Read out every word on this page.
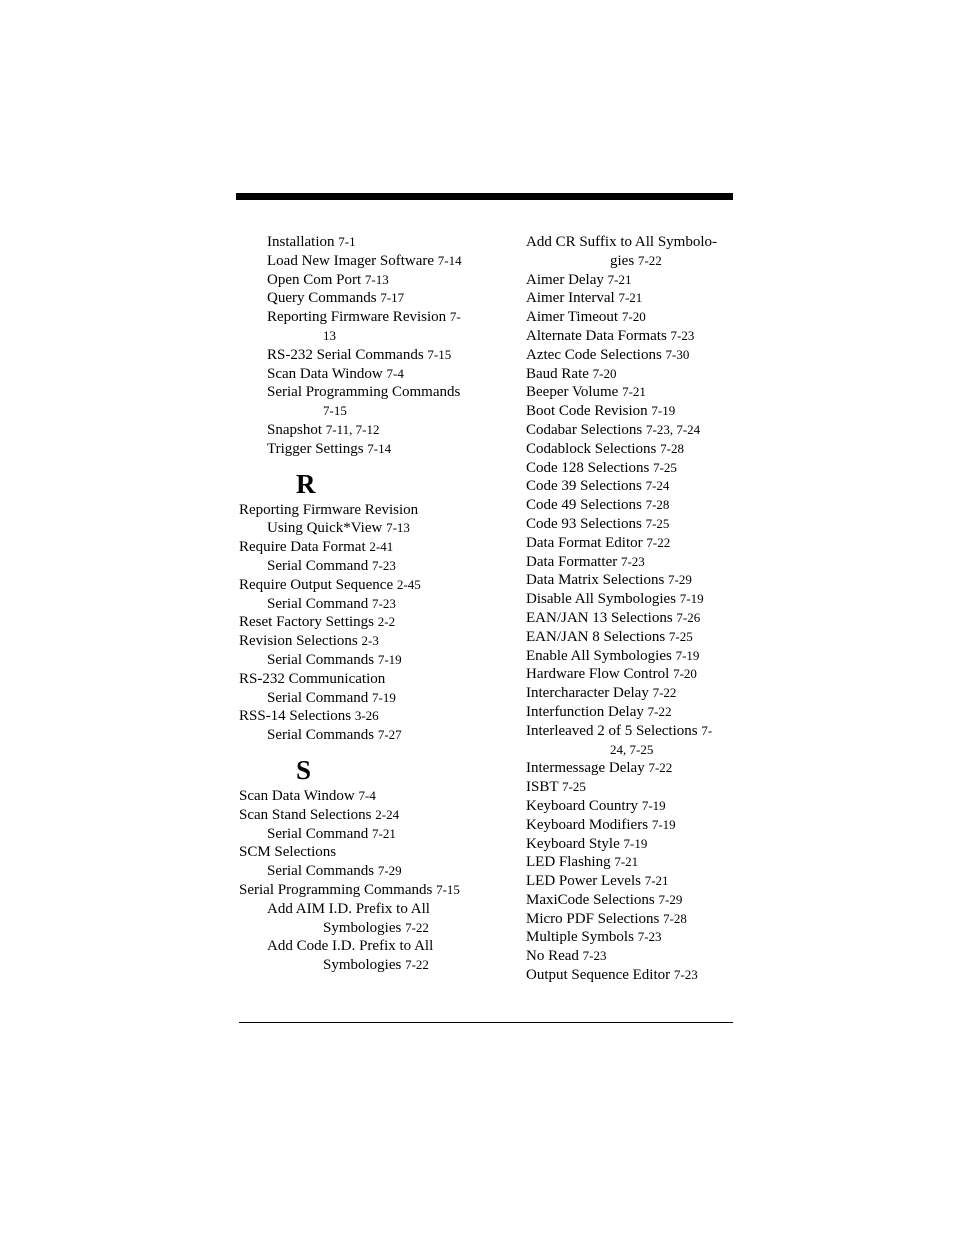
Installation 7-1
Load New Imager Software 7-14
Open Com Port 7-13
Query Commands 7-17
Reporting Firmware Revision 7-
13
RS-232 Serial Commands 7-15
Scan Data Window 7-4
Serial Programming Commands
7-15
Snapshot 7-11, 7-12
Trigger Settings 7-14
R
Reporting Firmware Revision
Using Quick*View 7-13
Require Data Format 2-41
Serial Command 7-23
Require Output Sequence 2-45
Serial Command 7-23
Reset Factory Settings 2-2
Revision Selections 2-3
Serial Commands 7-19
RS-232 Communication
Serial Command 7-19
RSS-14 Selections 3-26
Serial Commands 7-27
S
Scan Data Window 7-4
Scan Stand Selections 2-24
Serial Command 7-21
SCM Selections
Serial Commands 7-29
Serial Programming Commands 7-15
Add AIM I.D. Prefix to All
Symbologies 7-22
Add Code I.D. Prefix to All
Symbologies 7-22
Add CR Suffix to All Symbolo-
gies 7-22
Aimer Delay 7-21
Aimer Interval 7-21
Aimer Timeout 7-20
Alternate Data Formats 7-23
Aztec Code Selections 7-30
Baud Rate 7-20
Beeper Volume 7-21
Boot Code Revision 7-19
Codabar Selections 7-23, 7-24
Codablock Selections 7-28
Code 128 Selections 7-25
Code 39 Selections 7-24
Code 49 Selections 7-28
Code 93 Selections 7-25
Data Format Editor 7-22
Data Formatter 7-23
Data Matrix Selections 7-29
Disable All Symbologies 7-19
EAN/JAN 13 Selections 7-26
EAN/JAN 8 Selections 7-25
Enable All Symbologies 7-19
Hardware Flow Control 7-20
Intercharacter Delay 7-22
Interfunction Delay 7-22
Interleaved 2 of 5 Selections 7-
24, 7-25
Intermessage Delay 7-22
ISBT 7-25
Keyboard Country 7-19
Keyboard Modifiers 7-19
Keyboard Style 7-19
LED Flashing 7-21
LED Power Levels 7-21
MaxiCode Selections 7-29
Micro PDF Selections 7-28
Multiple Symbols 7-23
No Read 7-23
Output Sequence Editor 7-23
